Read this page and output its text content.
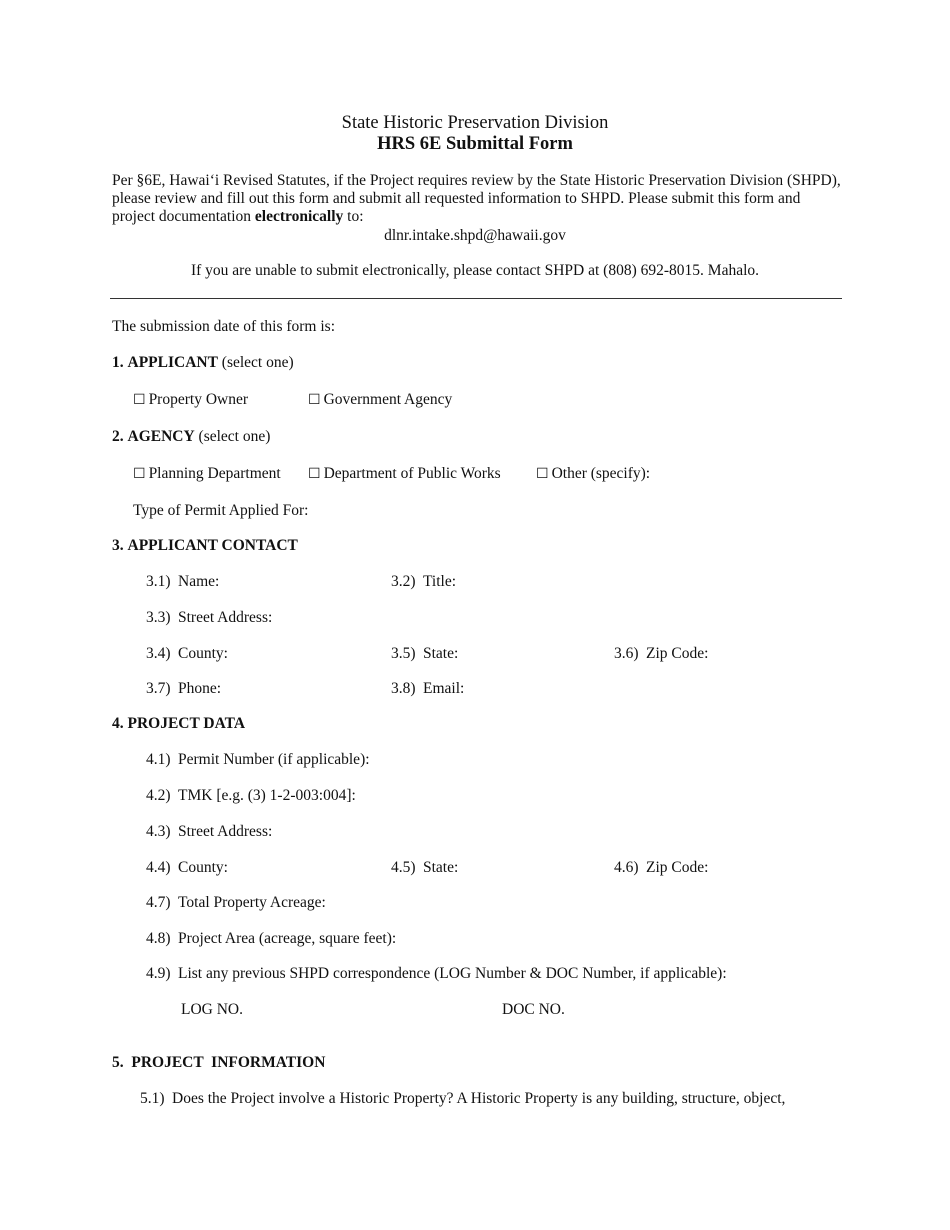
State Historic Preservation Division
HRS 6E Submittal Form
Per §6E, Hawaiʻi Revised Statutes, if the Project requires review by the State Historic Preservation Division (SHPD), please review and fill out this form and submit all requested information to SHPD. Please submit this form and project documentation electronically to:
dlnr.intake.shpd@hawaii.gov
If you are unable to submit electronically, please contact SHPD at (808) 692-8015. Mahalo.
The submission date of this form is:
1. APPLICANT (select one)
☐ Property Owner	☐ Government Agency
2. AGENCY (select one)
☐ Planning Department ☐ Department of Public Works	☐ Other (specify):
Type of Permit Applied For:
3. APPLICANT CONTACT
3.1) Name:	3.2) Title:
3.3) Street Address:
3.4) County:	3.5) State:	3.6) Zip Code:
3.7) Phone:	3.8) Email:
4. PROJECT DATA
4.1) Permit Number (if applicable):
4.2) TMK [e.g. (3) 1-2-003:004]:
4.3) Street Address:
4.4) County:	4.5) State:	4.6) Zip Code:
4.7) Total Property Acreage:
4.8) Project Area (acreage, square feet):
4.9) List any previous SHPD correspondence (LOG Number & DOC Number, if applicable):
LOG NO.	DOC NO.
5. PROJECT  INFORMATION
5.1) Does the Project involve a Historic Property? A Historic Property is any building, structure, object,
